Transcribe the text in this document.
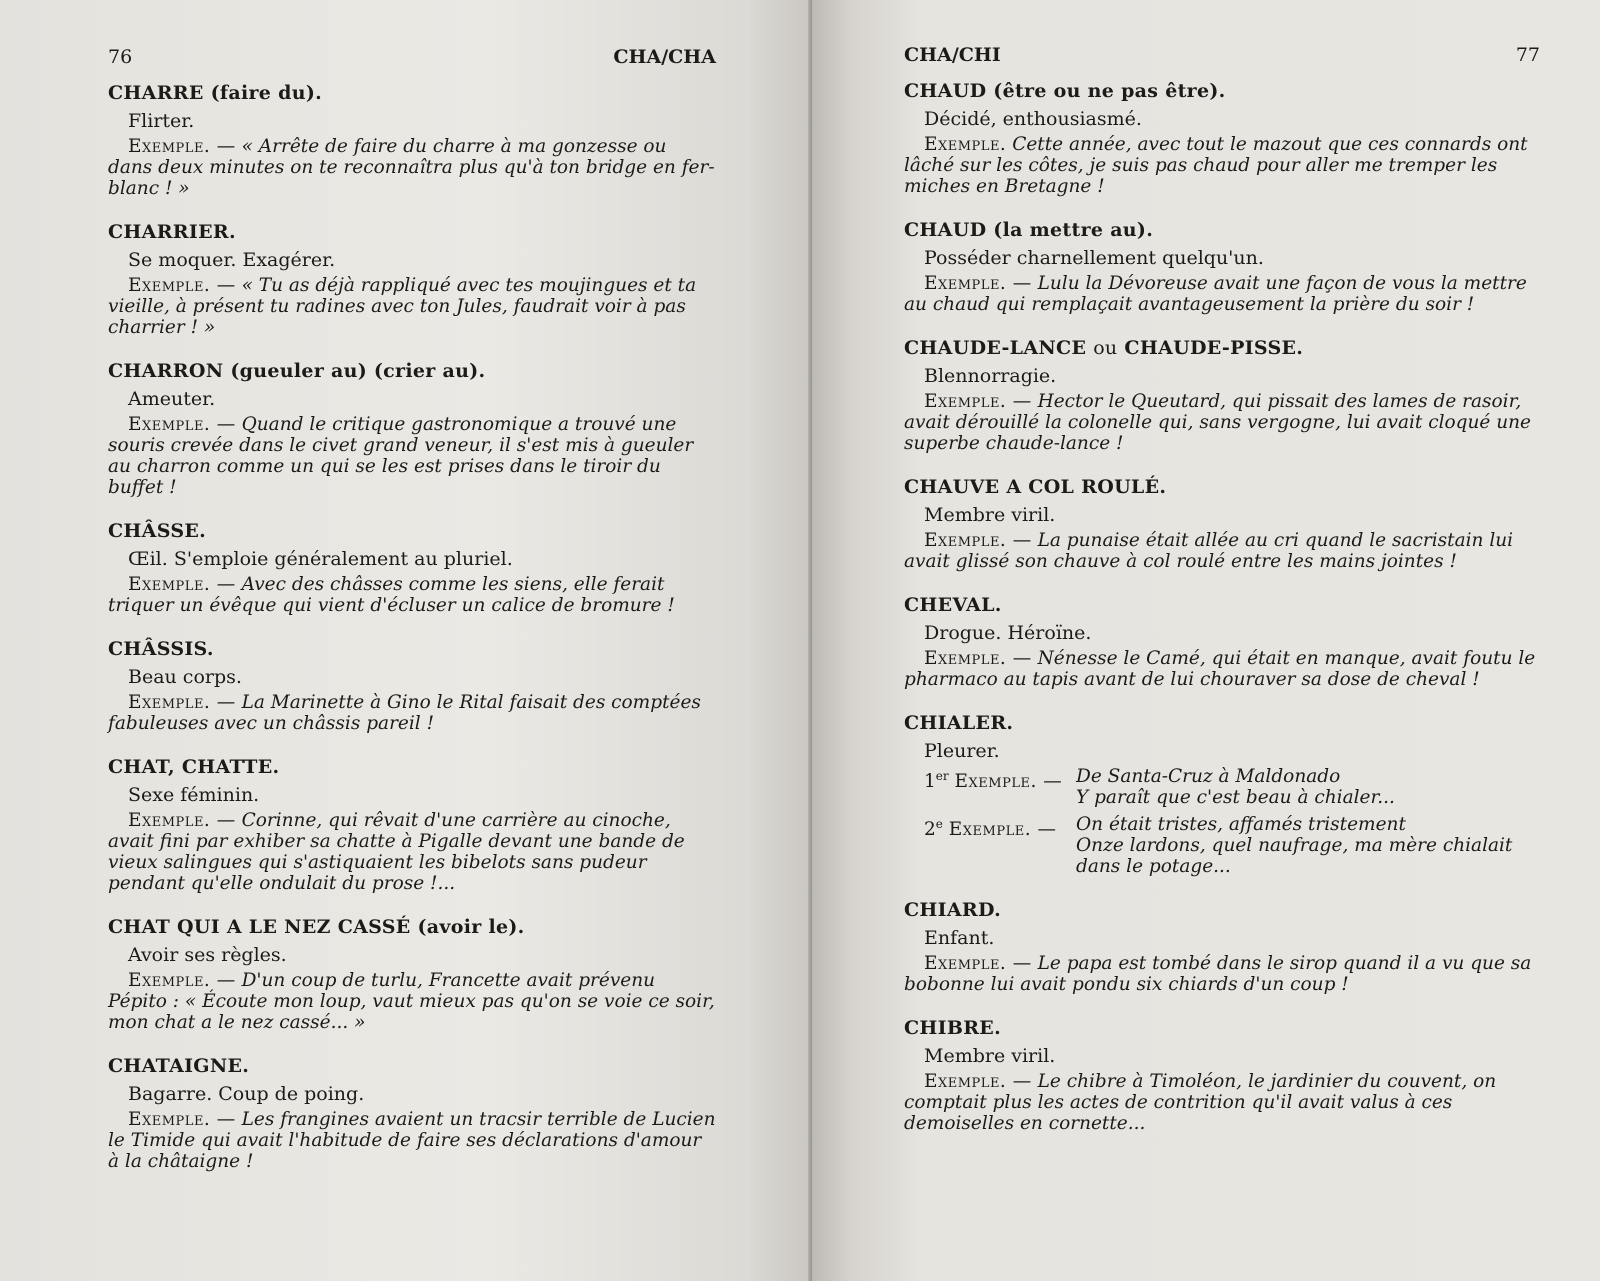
76	CHA/CHA

CHARRE (faire du).

Flirter.

Exemple. — « Arrête de faire du charre à ma gonzesse ou dans deux minutes on te reconnaîtra plus qu'à ton bridge en fer-blanc ! »

CHARRIER.

Se moquer. Exagérer.

Exemple. — « Tu as déjà rappliqué avec tes moujingues et ta vieille, à présent tu radines avec ton Jules, faudrait voir à pas charrier ! »

CHARRON (gueuler au) (crier au).

Ameuter.

Exemple. — Quand le critique gastronomique a trouvé une souris crevée dans le civet grand veneur, il s'est mis à gueuler au charron comme un qui se les est prises dans le tiroir du buffet !

CHÂSSE.

Œil. S'emploie généralement au pluriel.

Exemple. — Avec des châsses comme les siens, elle ferait triquer un évêque qui vient d'écluser un calice de bromure !

CHÂSSIS.

Beau corps.

Exemple. — La Marinette à Gino le Rital faisait des comptées fabuleuses avec un châssis pareil !

CHAT, CHATTE.

Sexe féminin.

Exemple. — Corinne, qui rêvait d'une carrière au cinoche, avait fini par exhiber sa chatte à Pigalle devant une bande de vieux salingues qui s'astiquaient les bibelots sans pudeur pendant qu'elle ondulait du prose !...

CHAT QUI A LE NEZ CASSÉ (avoir le).

Avoir ses règles.

Exemple. — D'un coup de turlu, Francette avait prévenu Pépito : « Écoute mon loup, vaut mieux pas qu'on se voie ce soir, mon chat a le nez cassé... »

CHATAIGNE.

Bagarre. Coup de poing.

Exemple. — Les frangines avaient un tracsir terrible de Lucien le Timide qui avait l'habitude de faire ses déclarations d'amour à la châtaigne !

CHA/CHI	77

CHAUD (être ou ne pas être).

Décidé, enthousiasmé.

Exemple. Cette année, avec tout le mazout que ces connards ont lâché sur les côtes, je suis pas chaud pour aller me tremper les miches en Bretagne !

CHAUD (la mettre au).

Posséder charnellement quelqu'un.

Exemple. — Lulu la Dévoreuse avait une façon de vous la mettre au chaud qui remplaçait avantageusement la prière du soir !

CHAUDE-LANCE ou CHAUDE-PISSE.

Blennorragie.

Exemple. — Hector le Queutard, qui pissait des lames de rasoir, avait dérouillé la colonelle qui, sans vergogne, lui avait cloqué une superbe chaude-lance !

CHAUVE A COL ROULÉ.

Membre viril.

Exemple. — La punaise était allée au cri quand le sacristain lui avait glissé son chauve à col roulé entre les mains jointes !

CHEVAL.

Drogue. Héroïne.

Exemple. — Nénesse le Camé, qui était en manque, avait foutu le pharmaco au tapis avant de lui chouraver sa dose de cheval !

CHIALER.

Pleurer.

1er Exemple. — De Santa-Cruz à Maldonado
Y paraît que c'est beau à chialer...
2e Exemple. —	On était tristes, affamés tristement
Onze lardons, quel naufrage, ma mère chialait
dans le potage...

CHIARD.

Enfant.

Exemple. — Le papa est tombé dans le sirop quand il a vu que sa bobonne lui avait pondu six chiards d'un coup !

CHIBRE.

Membre viril.

Exemple. — Le chibre à Timoléon, le jardinier du couvent, on comptait plus les actes de contrition qu'il avait valus à ces demoiselles en cornette...
